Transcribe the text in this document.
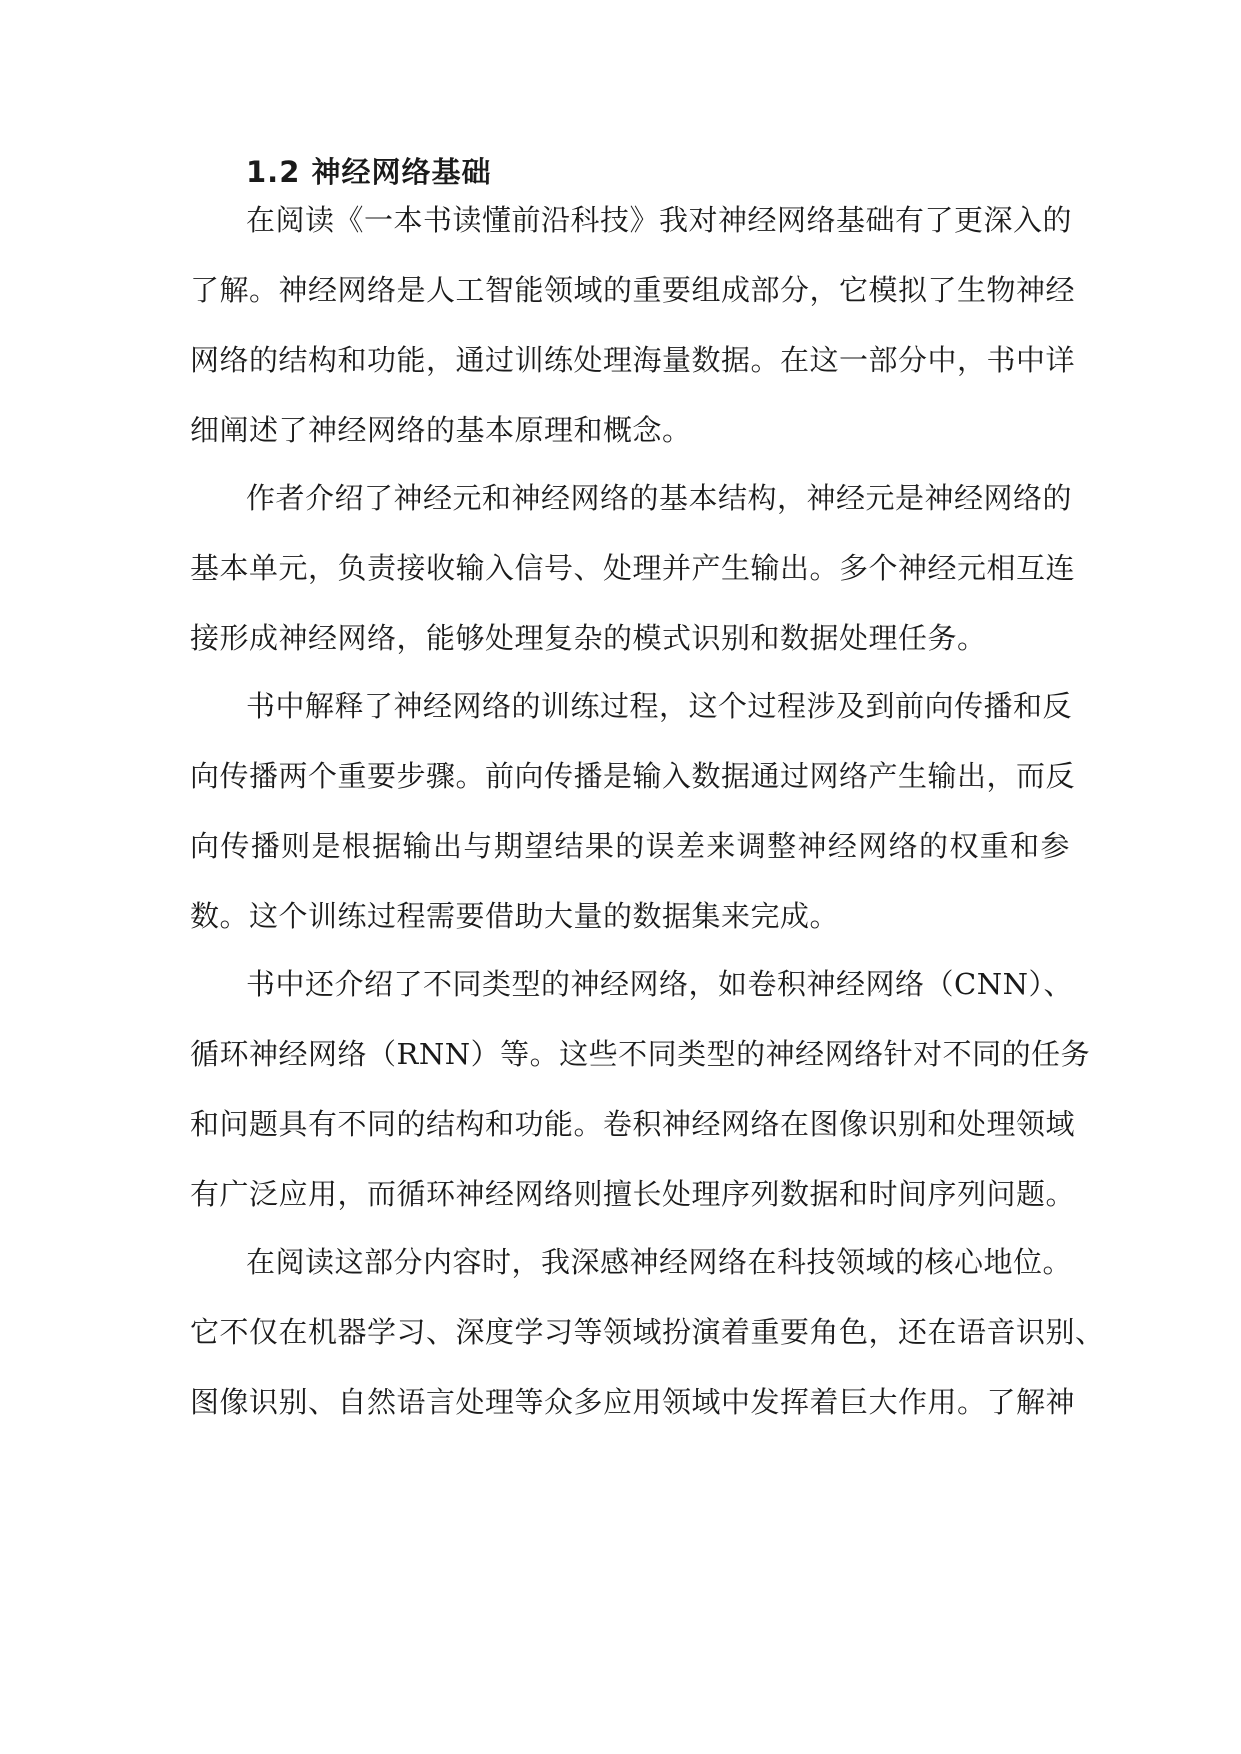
1.2 神经网络基础
在阅读《一本书读懂前沿科技》我对神经网络基础有了更深入的
了解。神经网络是人工智能领域的重要组成部分，它模拟了生物神经
网络的结构和功能，通过训练处理海量数据。在这一部分中，书中详
细阐述了神经网络的基本原理和概念。
作者介绍了神经元和神经网络的基本结构，神经元是神经网络的
基本单元，负责接收输入信号、处理并产生输出。多个神经元相互连
接形成神经网络，能够处理复杂的模式识别和数据处理任务。
书中解释了神经网络的训练过程，这个过程涉及到前向传播和反
向传播两个重要步骤。前向传播是输入数据通过网络产生输出，而反
向传播则是根据输出与期望结果的误差来调整神经网络的权重和参
数。这个训练过程需要借助大量的数据集来完成。
书中还介绍了不同类型的神经网络，如卷积神经网络（CNN）、
循环神经网络（RNN）等。这些不同类型的神经网络针对不同的任务
和问题具有不同的结构和功能。卷积神经网络在图像识别和处理领域
有广泛应用，而循环神经网络则擅长处理序列数据和时间序列问题。
在阅读这部分内容时，我深感神经网络在科技领域的核心地位。
它不仅在机器学习、深度学习等领域扮演着重要角色，还在语音识别、
图像识别、自然语言处理等众多应用领域中发挥着巨大作用。了解神
